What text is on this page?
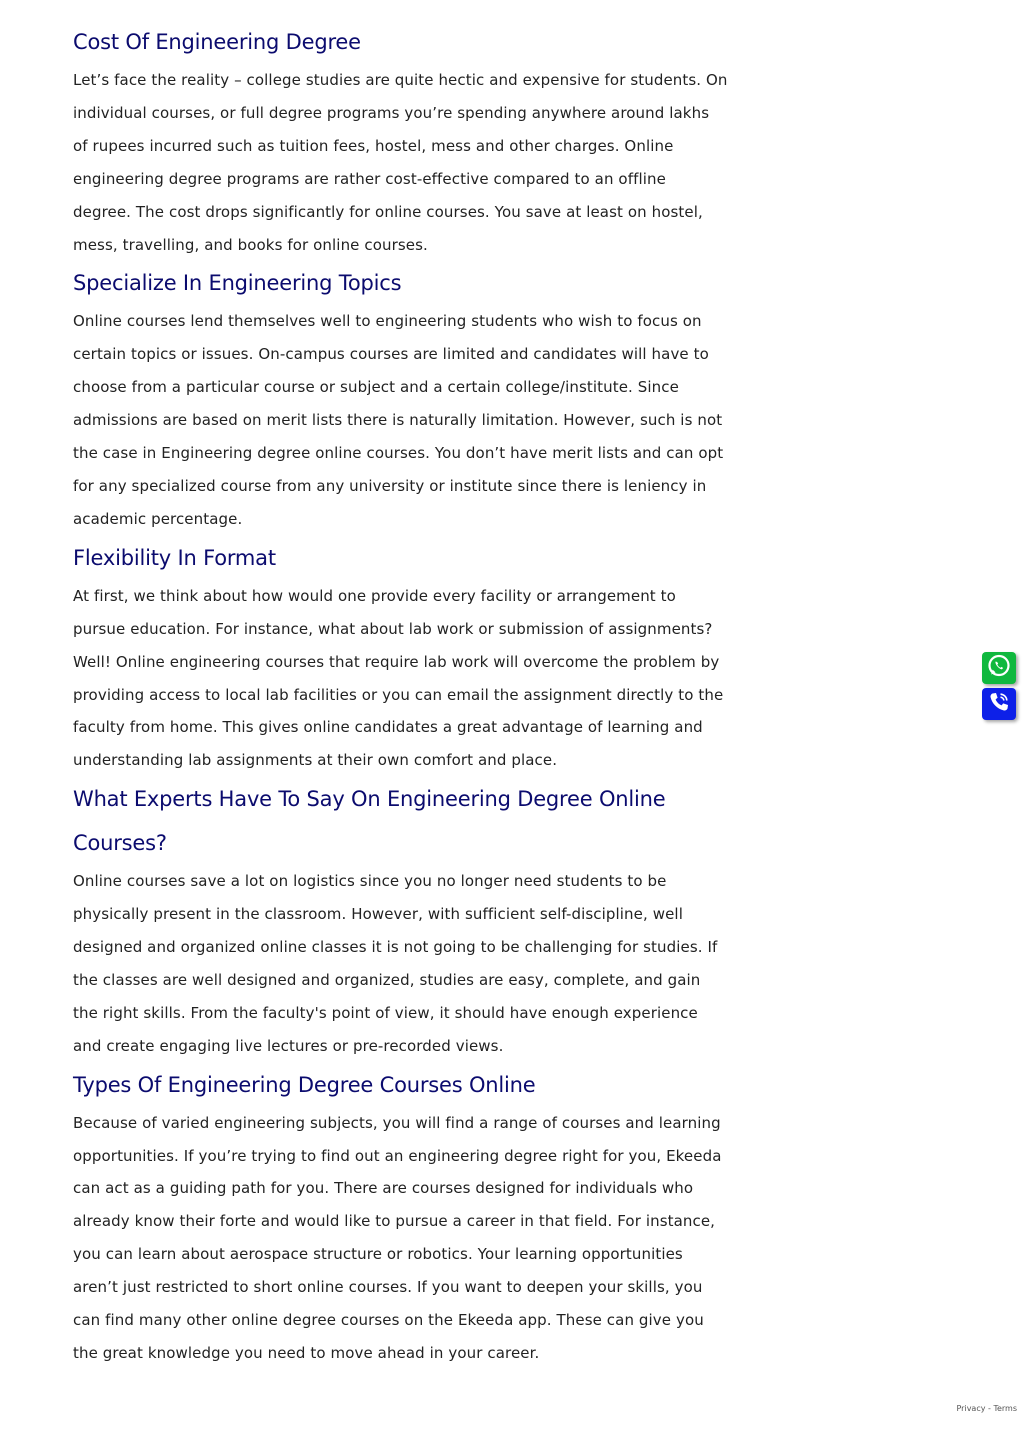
Cost Of Engineering Degree

Let’s face the reality – college studies are quite hectic and expensive for students. On individual courses, or full degree programs you’re spending anywhere around lakhs of rupees incurred such as tuition fees, hostel, mess and other charges. Online engineering degree programs are rather cost-effective compared to an offline degree. The cost drops significantly for online courses. You save at least on hostel, mess, travelling, and books for online courses.

Specialize In Engineering Topics

Online courses lend themselves well to engineering students who wish to focus on certain topics or issues. On-campus courses are limited and candidates will have to choose from a particular course or subject and a certain college/institute. Since admissions are based on merit lists there is naturally limitation. However, such is not the case in Engineering degree online courses. You don’t have merit lists and can opt for any specialized course from any university or institute since there is leniency in academic percentage.

Flexibility In Format

At first, we think about how would one provide every facility or arrangement to pursue education. For instance, what about lab work or submission of assignments? Well! Online engineering courses that require lab work will overcome the problem by providing access to local lab facilities or you can email the assignment directly to the faculty from home. This gives online candidates a great advantage of learning and understanding lab assignments at their own comfort and place.

What Experts Have To Say On Engineering Degree Online Courses?

Online courses save a lot on logistics since you no longer need students to be physically present in the classroom. However, with sufficient self-discipline, well designed and organized online classes it is not going to be challenging for studies. If the classes are well designed and organized, studies are easy, complete, and gain the right skills. From the faculty's point of view, it should have enough experience and create engaging live lectures or pre-recorded views.

Types Of Engineering Degree Courses Online

Because of varied engineering subjects, you will find a range of courses and learning opportunities. If you’re trying to find out an engineering degree right for you, Ekeeda can act as a guiding path for you. There are courses designed for individuals who already know their forte and would like to pursue a career in that field. For instance, you can learn about aerospace structure or robotics. Your learning opportunities aren’t just restricted to short online courses. If you want to deepen your skills, you can find many other online degree courses on the Ekeeda app. These can give you the great knowledge you need to move ahead in your career.

Privacy - Terms
